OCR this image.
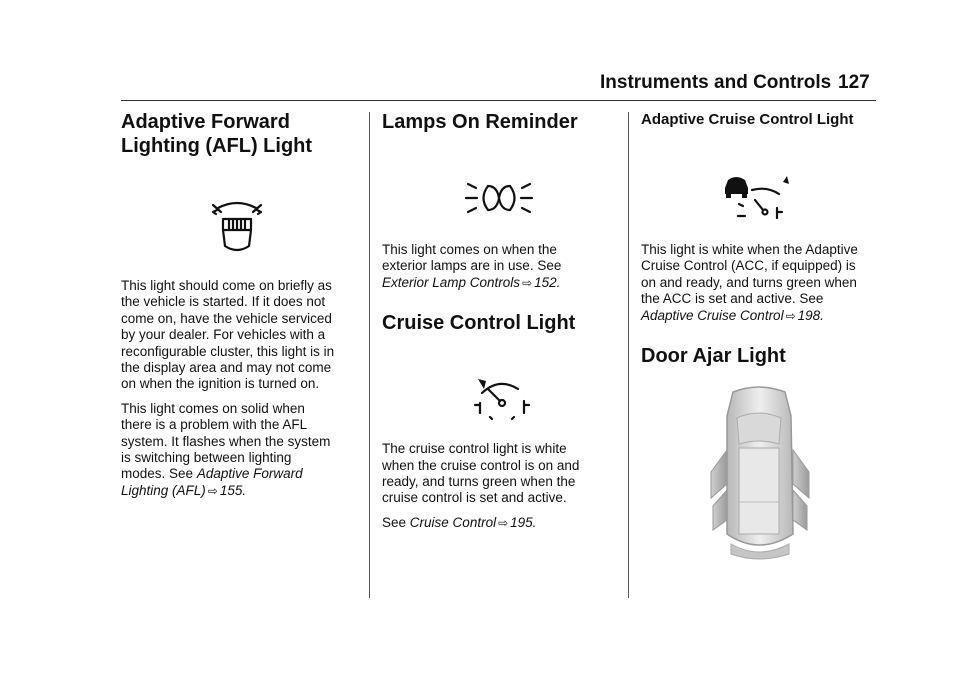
Instruments and Controls 127
Adaptive Forward
Lighting (AFL) Light

This light should come on briefly as
the vehicle is started. If it does not
come on, have the vehicle serviced
by your dealer. For vehicles with a
reconfigurable cluster, this light is in
the display area and may not come
on when the ignition is turned on.

This light comes on solid when
there is a problem with the AFL
system. It flashes when the system
is switching between lighting
modes. See Adaptive Forward
Lighting (AFL) ⇨ 155.

Lamps On Reminder

This light comes on when the
exterior lamps are in use. See
Exterior Lamp Controls ⇨ 152.

Cruise Control Light

The cruise control light is white
when the cruise control is on and
ready, and turns green when the
cruise control is set and active.

See Cruise Control ⇨ 195.

Adaptive Cruise Control Light

This light is white when the Adaptive
Cruise Control (ACC, if equipped) is
on and ready, and turns green when
the ACC is set and active. See
Adaptive Cruise Control ⇨ 198.

Door Ajar Light
